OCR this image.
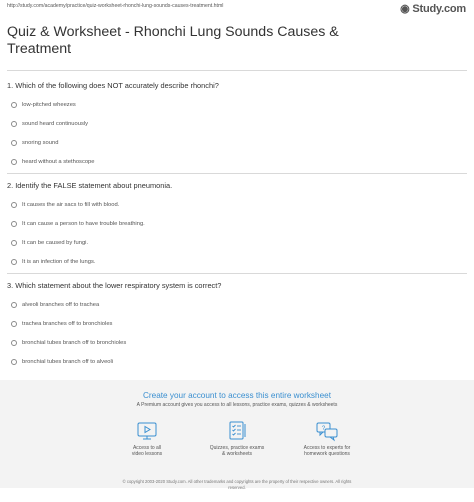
http://study.com/academy/practice/quiz-worksheet-rhonchi-lung-sounds-causes-treatment.html	◉ Study.com
Quiz & Worksheet - Rhonchi Lung Sounds Causes & Treatment
1. Which of the following does NOT accurately describe rhonchi?
low-pitched wheezes
sound heard continuously
snoring sound
heard without a stethoscope
2. Identify the FALSE statement about pneumonia.
It causes the air sacs to fill with blood.
It can cause a person to have trouble breathing.
It can be caused by fungi.
It is an infection of the lungs.
3. Which statement about the lower respiratory system is correct?
alveoli branches off to trachea
trachea branches off to bronchioles
bronchial tubes branch off to bronchioles
bronchial tubes branch off to alveoli
Create your account to access this entire worksheet
A Premium account gives you access to all lessons, practice exams, quizzes & worksheets
Access to all
video lessons
Quizzes, practice exams
& worksheets
?
Access to experts for
homework questions
© copyright 2003-2020 Study.com. All other trademarks and copyrights are the property of their respective owners. All rights
reserved.
